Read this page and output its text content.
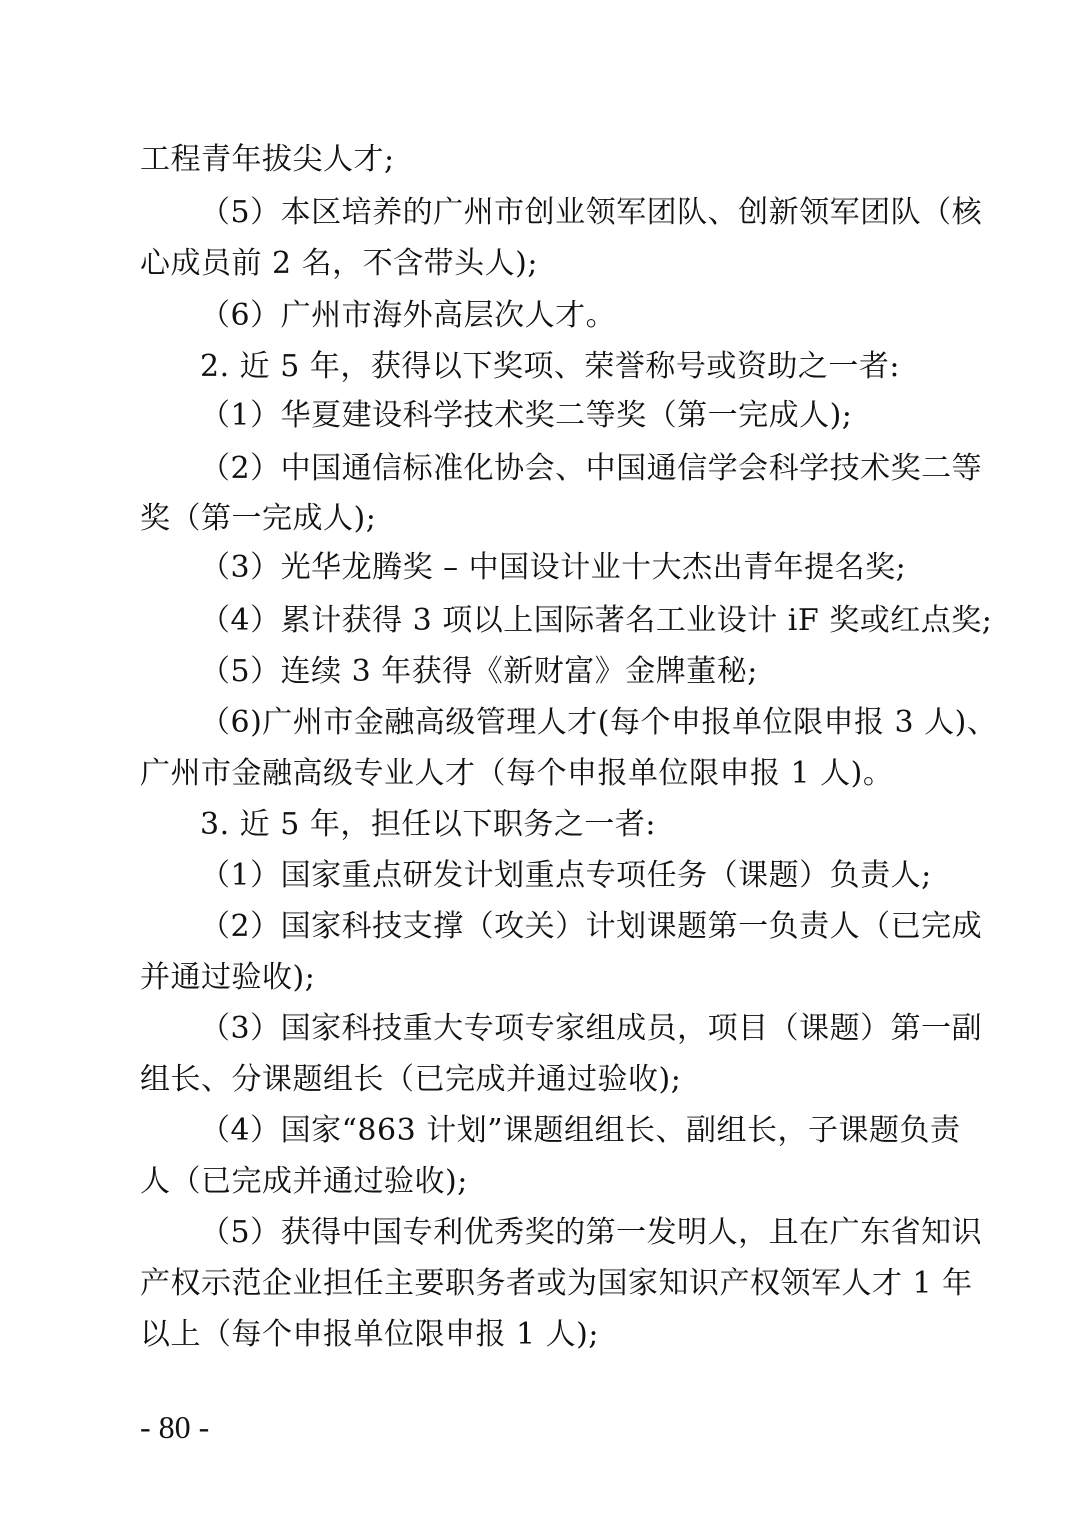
工程青年拔尖人才;
（5）本区培养的广州市创业领军团队、创新领军团队（核
心成员前 2 名，不含带头人);
（6）广州市海外高层次人才。
2. 近 5 年，获得以下奖项、荣誉称号或资助之一者:
（1）华夏建设科学技术奖二等奖（第一完成人);
（2）中国通信标准化协会、中国通信学会科学技术奖二等
奖（第一完成人);
（3）光华龙腾奖 – 中国设计业十大杰出青年提名奖;
（4）累计获得 3 项以上国际著名工业设计 iF 奖或红点奖;
（5）连续 3 年获得《新财富》金牌董秘;
（6)广州市金融高级管理人才(每个申报单位限申报 3 人)、
广州市金融高级专业人才（每个申报单位限申报 1 人)。
3. 近 5 年，担任以下职务之一者:
（1）国家重点研发计划重点专项任务（课题）负责人;
（2）国家科技支撑（攻关）计划课题第一负责人（已完成
并通过验收);
（3）国家科技重大专项专家组成员，项目（课题）第一副
组长、分课题组长（已完成并通过验收);
（4）国家“863 计划”课题组组长、副组长，子课题负责
人（已完成并通过验收);
（5）获得中国专利优秀奖的第一发明人，且在广东省知识
产权示范企业担任主要职务者或为国家知识产权领军人才 1 年
以上（每个申报单位限申报 1 人);
- 80 -
